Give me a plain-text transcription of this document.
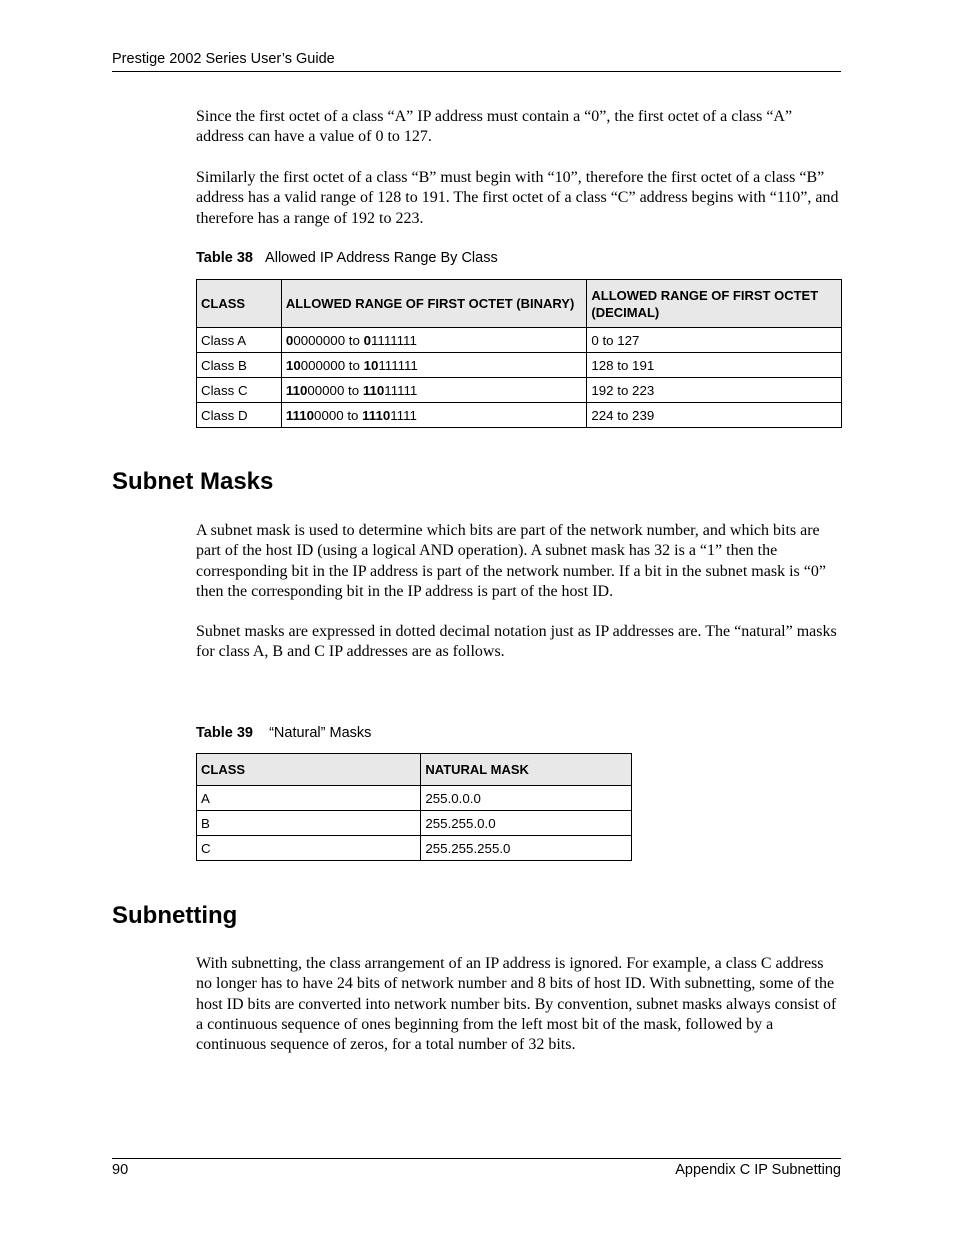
Prestige 2002 Series User’s Guide

Since the first octet of a class “A” IP address must contain a “0”, the first octet of a class “A” address can have a value of 0 to 127.

Similarly the first octet of a class “B” must begin with “10”, therefore the first octet of a class “B” address has a valid range of 128 to 191. The first octet of a class “C” address begins with “110”, and therefore has a range of 192 to 223.

Table 38 Allowed IP Address Range By Class
CLASS	ALLOWED RANGE OF FIRST OCTET (BINARY)	ALLOWED RANGE OF FIRST OCTET (DECIMAL)
Class A	00000000 to 01111111	0 to 127
Class B	10000000 to 10111111	128 to 191
Class C	11000000 to 11011111	192 to 223
Class D	11100000 to 11101111	224 to 239
Subnet Masks

A subnet mask is used to determine which bits are part of the network number, and which bits are part of the host ID (using a logical AND operation). A subnet mask has 32 is a “1” then the corresponding bit in the IP address is part of the network number. If a bit in the subnet mask is “0” then the corresponding bit in the IP address is part of the host ID.

Subnet masks are expressed in dotted decimal notation just as IP addresses are. The “natural” masks for class A, B and C IP addresses are as follows.

Table 39 “Natural” Masks
CLASS	NATURAL MASK
A	255.0.0.0
B	255.255.0.0
C	255.255.255.0
Subnetting

With subnetting, the class arrangement of an IP address is ignored. For example, a class C address no longer has to have 24 bits of network number and 8 bits of host ID. With subnetting, some of the host ID bits are converted into network number bits. By convention, subnet masks always consist of a continuous sequence of ones beginning from the left most bit of the mask, followed by a continuous sequence of zeros, for a total number of 32 bits.

90	Appendix C IP Subnetting
